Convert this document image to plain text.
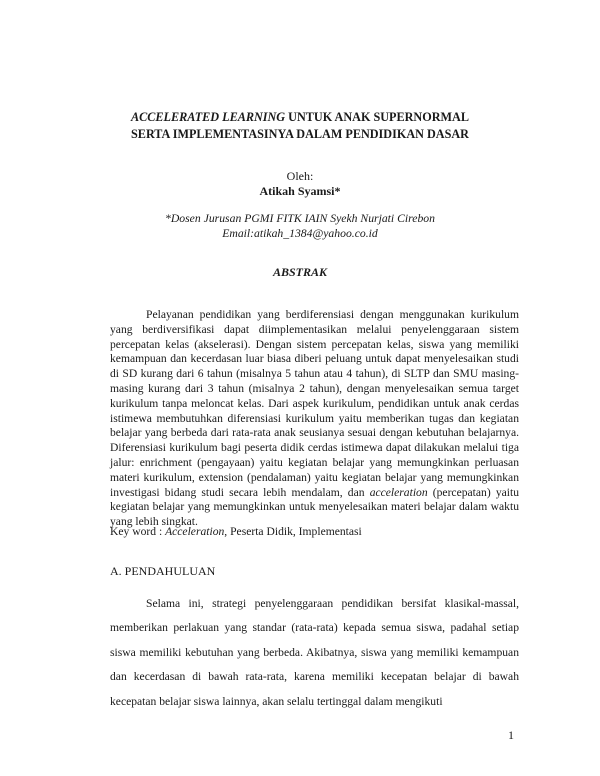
ACCELERATED LEARNING UNTUK ANAK SUPERNORMAL
SERTA IMPLEMENTASINYA DALAM PENDIDIKAN DASAR
Oleh:
Atikah Syamsi*
*Dosen Jurusan PGMI FITK IAIN Syekh Nurjati Cirebon
Email:atikah_1384@yahoo.co.id
ABSTRAK

Pelayanan pendidikan yang berdiferensiasi dengan menggunakan kurikulum yang berdiversifikasi dapat diimplementasikan melalui penyelenggaraan sistem percepatan kelas (akselerasi). Dengan sistem percepatan kelas, siswa yang memiliki kemampuan dan kecerdasan luar biasa diberi peluang untuk dapat menyelesaikan studi di SD kurang dari 6 tahun (misalnya 5 tahun atau 4 tahun), di SLTP dan SMU masing-masing kurang dari 3 tahun (misalnya 2 tahun), dengan menyelesaikan semua target kurikulum tanpa meloncat kelas. Dari aspek kurikulum, pendidikan untuk anak cerdas istimewa membutuhkan diferensiasi kurikulum yaitu memberikan tugas dan kegiatan belajar yang berbeda dari rata-rata anak seusianya sesuai dengan kebutuhan belajarnya. Diferensiasi kurikulum bagi peserta didik cerdas istimewa dapat dilakukan melalui tiga jalur: enrichment (pengayaan) yaitu kegiatan belajar yang memungkinkan perluasan materi kurikulum, extension (pendalaman) yaitu kegiatan belajar yang memungkinkan investigasi bidang studi secara lebih mendalam, dan acceleration (percepatan) yaitu kegiatan belajar yang memungkinkan untuk menyelesaikan materi belajar dalam waktu yang lebih singkat.

Key word : Acceleration, Peserta Didik, Implementasi
A. PENDAHULUAN

Selama ini, strategi penyelenggaraan pendidikan bersifat klasikal-massal, memberikan perlakuan yang standar (rata-rata) kepada semua siswa, padahal setiap siswa memiliki kebutuhan yang berbeda. Akibatnya, siswa yang memiliki kemampuan dan kecerdasan di bawah rata-rata, karena memiliki kecepatan belajar di bawah kecepatan belajar siswa lainnya, akan selalu tertinggal dalam mengikuti

1
